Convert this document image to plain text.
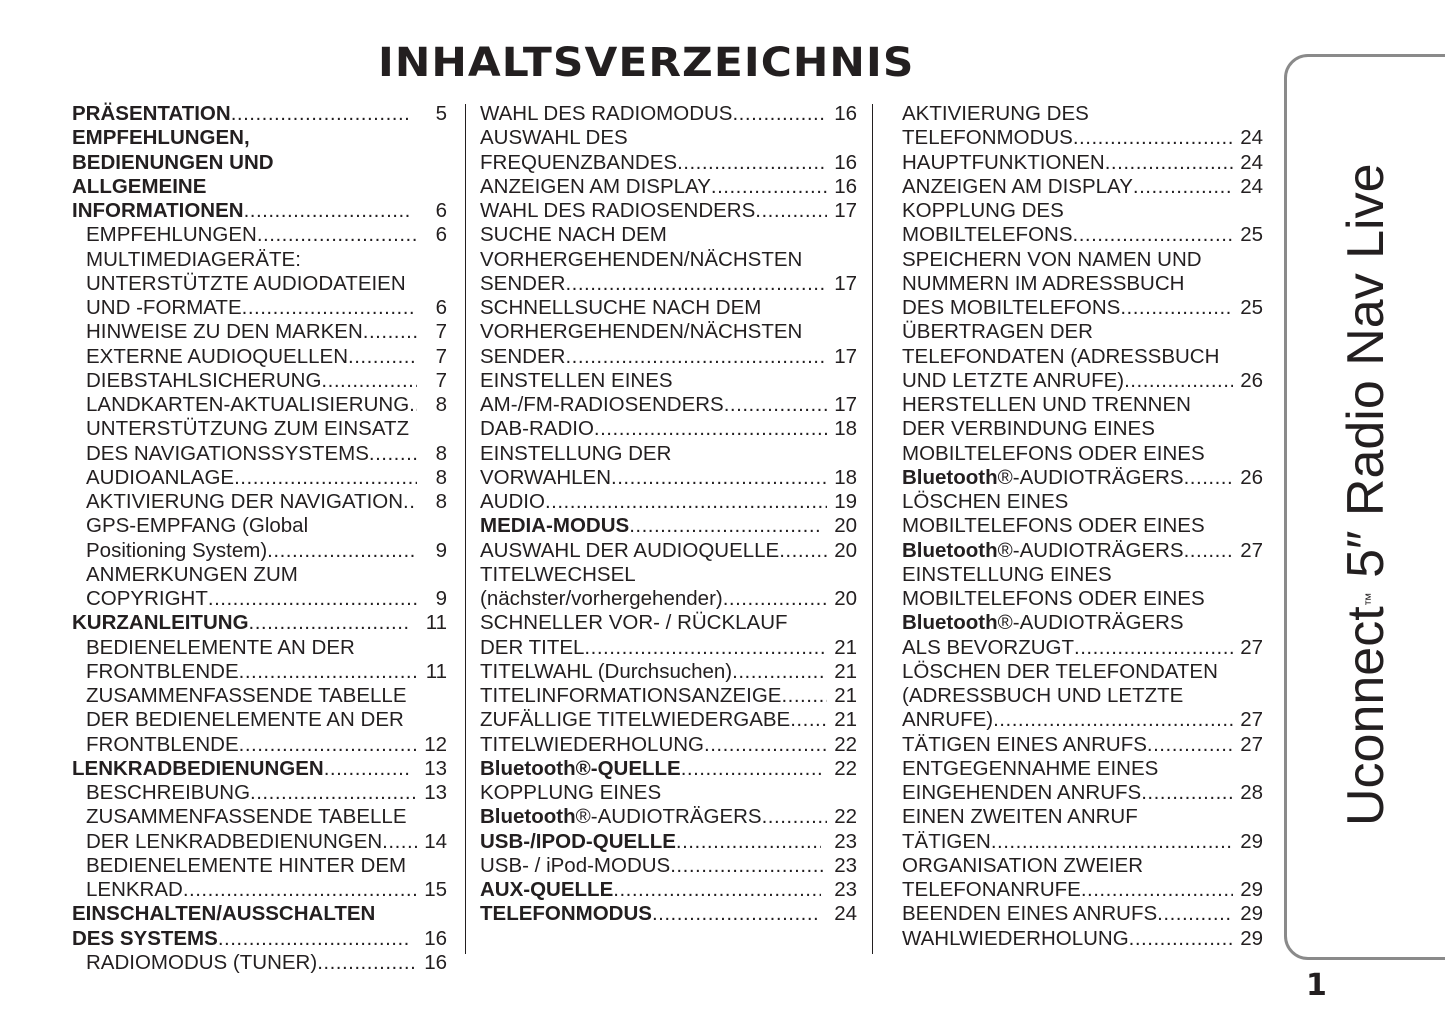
INHALTSVERZEICHNIS
PRÄSENTATION .....	5
EMPFEHLUNGEN,
BEDIENUNGEN UND
ALLGEMEINE
INFORMATIONEN .....	6
EMPFEHLUNGEN .....	6
MULTIMEDIAGERÄTE:
UNTERSTÜTZTE AUDIODATEIEN
UND -FORMATE .....	6
HINWEISE ZU DEN MARKEN .....	7
EXTERNE AUDIOQUELLEN .....	7
DIEBSTAHLSICHERUNG .....	7
LANDKARTEN-AKTUALISIERUNG. .....	8
UNTERSTÜTZUNG ZUM EINSATZ
DES NAVIGATIONSSYSTEMS .....	8
AUDIOANLAGE .....	8
AKTIVIERUNG DER NAVIGATION .....	8
GPS-EMPFANG (Global
Positioning System) .....	9
ANMERKUNGEN ZUM
COPYRIGHT .....	9
KURZANLEITUNG .....	11
BEDIENELEMENTE AN DER
FRONTBLENDE .....	11
ZUSAMMENFASSENDE TABELLE
DER BEDIENELEMENTE AN DER
FRONTBLENDE .....	12
LENKRADBEDIENUNGEN .....	13
BESCHREIBUNG .....	13
ZUSAMMENFASSENDE TABELLE
DER LENKRADBEDIENUNGEN .....	14
BEDIENELEMENTE HINTER DEM
LENKRAD .....	15
EINSCHALTEN/AUSSCHALTEN
DES SYSTEMS .....	16
RADIOMODUS (TUNER) .....	16
WAHL DES RADIOMODUS .....	16
AUSWAHL DES
FREQUENZBANDES .....	16
ANZEIGEN AM DISPLAY .....	16
WAHL DES RADIOSENDERS .....	17
SUCHE NACH DEM
VORHERGEHENDEN/NÄCHSTEN
SENDER .....	17
SCHNELLSUCHE NACH DEM
VORHERGEHENDEN/NÄCHSTEN
SENDER .....	17
EINSTELLEN EINES
AM-/FM-RADIOSENDERS .....	17
DAB-RADIO .....	18
EINSTELLUNG DER
VORWAHLEN .....	18
AUDIO .....	19
MEDIA-MODUS .....	20
AUSWAHL DER AUDIOQUELLE .....	20
TITELWECHSEL
(nächster/vorhergehender) .....	20
SCHNELLER VOR- / RÜCKLAUF
DER TITEL .....	21
TITELWAHL (Durchsuchen) .....	21
TITELINFORMATIONSANZEIGE .....	21
ZUFÄLLIGE TITELWIEDERGABE .....	21
TITELWIEDERHOLUNG .....	22
Bluetooth®-QUELLE .....	22
KOPPLUNG EINES
Bluetooth®-AUDIOTRÄGERS .....	22
USB-/IPOD-QUELLE .....	23
USB- / iPod-MODUS .....	23
AUX-QUELLE .....	23
TELEFONMODUS .....	24
AKTIVIERUNG DES
TELEFONMODUS .....	24
HAUPTFUNKTIONEN .....	24
ANZEIGEN AM DISPLAY .....	24
KOPPLUNG DES
MOBILTELEFONS .....	25
SPEICHERN VON NAMEN UND
NUMMERN IM ADRESSBUCH
DES MOBILTELEFONS .....	25
ÜBERTRAGEN DER
TELEFONDATEN (ADRESSBUCH
UND LETZTE ANRUFE) .....	26
HERSTELLEN UND TRENNEN
DER VERBINDUNG EINES
MOBILTELEFONS ODER EINES
Bluetooth®-AUDIOTRÄGERS .....	26
LÖSCHEN EINES
MOBILTELEFONS ODER EINES
Bluetooth®-AUDIOTRÄGERS .....	27
EINSTELLUNG EINES
MOBILTELEFONS ODER EINES
Bluetooth®-AUDIOTRÄGERS
ALS BEVORZUGT .....	27
LÖSCHEN DER TELEFONDATEN
(ADRESSBUCH UND LETZTE
ANRUFE) .....	27
TÄTIGEN EINES ANRUFS .....	27
ENTGEGENNAHME EINES
EINGEHENDEN ANRUFS .....	28
EINEN ZWEITEN ANRUF
TÄTIGEN .....	29
ORGANISATION ZWEIER
TELEFONANRUFE .....	29
BEENDEN EINES ANRUFS .....	29
WAHLWIEDERHOLUNG .....	29
Uconnect™ 5″ Radio Nav Live
1
